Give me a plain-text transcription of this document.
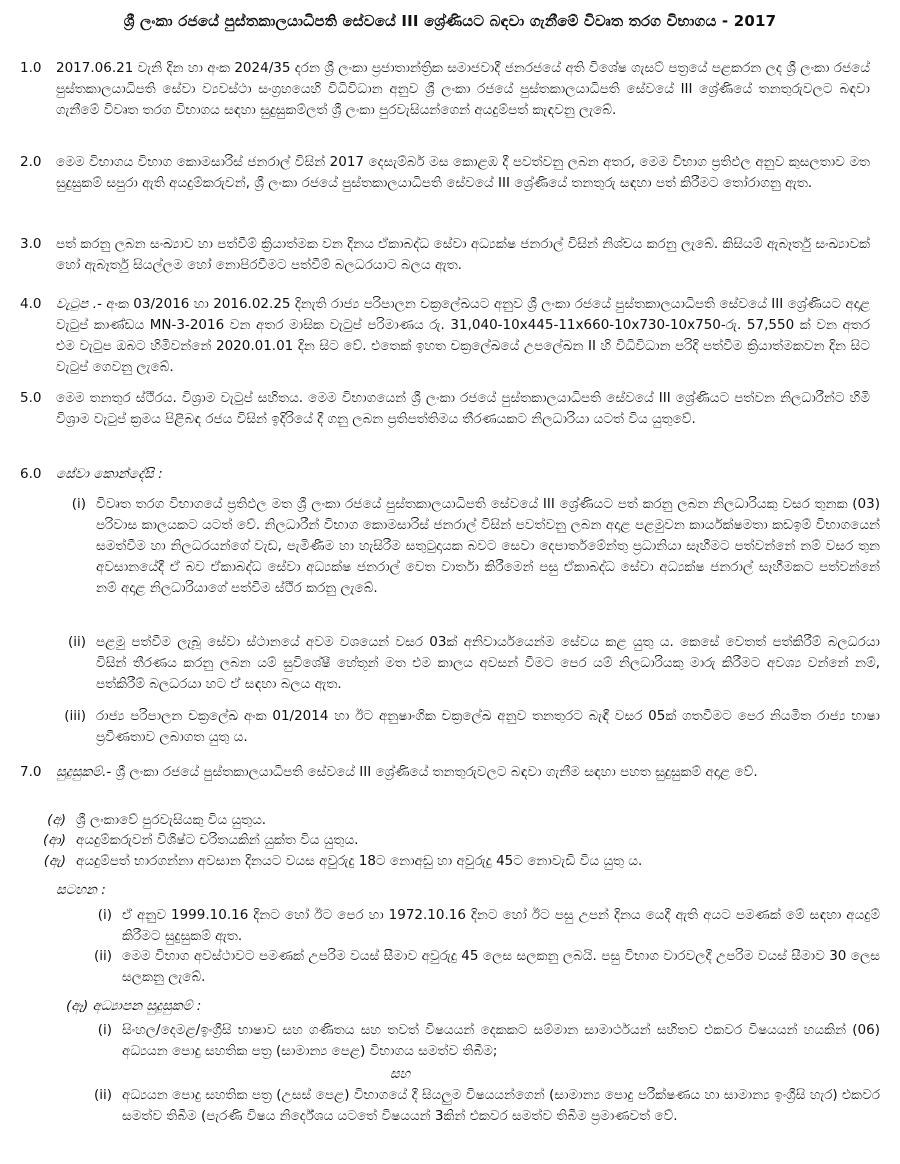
ශ්‍රී ලංකා රජයේ පුස්තකාලයාධිපති සේවයේ III ශ්‍රේණියට බඳවා ගැනීමේ විවෘත තරග විභාගය - 2017
1.0	2017.06.21 වැනි දින හා අංක 2024/35 දරන ශ්‍රී ලංකා ප්‍රජාතාන්ත්‍රික සමාජවාදී ජනරජයේ අති විශේෂ ගැසට් පත්‍රයේ පළකරන ලද ශ්‍රී ලංකා රජයේ පුස්තකාලයාධිපති සේවා ව්‍යවස්ථා සංග්‍රහයෙහි විධිවිධාන අනුව ශ්‍රී ලංකා රජයේ පුස්තකාලයාධිපති සේවයේ III ශ්‍රේණියේ තනතුරුවලට බඳවා ගැනීමේ විවෘත තරග විභාගය සඳහා සුදුසුකම්ලත් ශ්‍රී ලංකා පුරවැසියන්ගෙන් අයදුම්පත් කැඳවනු ලැබේ.
2.0	මෙම විභාගය විභාග කොමසාරිස් ජනරාල් විසින් 2017 දෙසැම්බර් මස කොළඹ දී පවත්වනු ලබන අතර, මෙම විභාග ප්‍රතිඵල අනුව කුසලතාව මත සුදුසුකම් සපුරා ඇති අයදුම්කරුවන්, ශ්‍රී ලංකා රජයේ පුස්තකාලයාධිපති සේවයේ III ශ්‍රේණියේ තනතුරු සඳහා පත් කිරීමට තෝරාගනු ඇත.
3.0	පත් කරනු ලබන සංඛ්‍යාව හා පත්වීම් ක්‍රියාත්මක වන දිනය ඒකාබද්ධ සේවා අධ්‍යක්ෂ ජනරාල් විසින් නිශ්චය කරනු ලැබේ. කිසියම් ඇබෑර්තු සංඛ්‍යාවක් හෝ ඇබෑර්තු සියල්ලම හෝ නොපිරවීමට පත්වීම් බලධරයාට බලය ඇත.
4.0	වැටුප .- අංක 03/2016 හා 2016.02.25 දිනැති රාජ්‍ය පරිපාලන චක්‍රලේඛයට අනුව ශ්‍රී ලංකා රජයේ පුස්තකාලයාධිපති සේවයේ III ශ්‍රේණියට අදාළ වැටුප් කාණ්ඩය MN-3-2016 වන අතර මාසික වැටුප් පරිමාණය රු. 31,040-10x445-11x660-10x730-10x750-රු. 57,550 ක් වන අතර එම වැටුප ඔබට හිමිවන්නේ 2020.01.01 දින සිට වේ. එතෙක් ඉහත චක්‍රලේඛයේ උපලේඛන II හි විධිවිධාන පරිදි පත්වීම ක්‍රියාත්මකවන දින සිට වැටුප් ගෙවනු ලැබේ.
5.0	මෙම තනතුර ස්ථිරය. විශ්‍රාම වැටුප් සහිතය. මෙම විභාගයෙන් ශ්‍රී ලංකා රජයේ පුස්තකාලයාධිපති සේවයේ III ශ්‍රේණියට පත්වන නිලධාරීන්ට හිමි විශ්‍රාම වැටුප් ක්‍රමය පිළිබඳ රජය විසින් ඉදිරියේ දී ගනු ලබන ප්‍රතිපත්තිමය තීරණයකට නිලධාරියා යටත් විය යුතුවේ.
6.0	සේවා කොන්දේසි :
(i) විවෘත තරග විභාගයේ ප්‍රතිඵල මත ශ්‍රී ලංකා රජයේ පුස්තකාලයාධිපති සේවයේ III ශ්‍රේණියට පත් කරනු ලබන නිලධාරියකු වසර තුනක (03) පරිවාස කාලයකට යටත් වේ. නිලධාරීන් විභාග කොමසාරිස් ජනරාල් විසින් පවත්වනු ලබන අදාළ පළමුවන කාර්යක්ෂමතා කඩඉම් විභාගයෙන් සමත්වීම හා නිලධරයන්ගේ වැඩ, පැමිණීම හා හැසිරීම සතුටුදායක බවට සෙවා දෙපාර්තමේන්තු ප්‍රධානියා සෑහීමට පත්වන්නේ නම් වසර තුන අවසානයේදී ඒ බව ඒකාබද්ධ සේවා අධ්‍යක්ෂ ජනරාල් වෙත වාර්තා කිරීමෙන් පසු ඒකාබද්ධ සේවා අධ්‍යක්ෂ ජනරාල් සෑහීමකට පත්වන්නේ නම් අදාළ නිලධාරියාගේ පත්වීම ස්ථිර කරනු ලැබේ.
(ii) පළමු පත්වීම ලැබූ සේවා ස්ථානයේ අවම වශයෙන් වසර 03ක් අනිවාර්යයෙන්ම සේවය කළ යුතු ය. කෙසේ වෙතත් පත්කිරීම් බලධරයා විසින් තීරණය කරනු ලබන යම් සුවිශේෂී හේතූන් මත එම කාලය අවසන් වීමට පෙර යම් නිලධාරියකු මාරු කිරීමට අවශ්‍ය වන්නේ නම්, පත්කිරීම් බලධරයා හට ඒ සඳහා බලය ඇත.
(iii) රාජ්‍ය පරිපාලන චක්‍රලේඛ අංක 01/2014 හා ඊට අනුෂාංගික චක්‍රලේඛ අනුව තනතුරට බැඳී වසර 05ක් ගතවීමට පෙර නියමිත රාජ්‍ය භාෂා ප්‍රවීණතාව ලබාගත යුතු ය.
7.0	සුදුසුකම්.- ශ්‍රී ලංකා රජයේ පුස්තකාලයාධිපති සේවයේ III ශ්‍රේණියේ තනතුරුවලට බඳවා ගැනීම සඳහා පහත සුදුසුකම් අදාළ වේ.
(අ) ශ්‍රී ලංකාවේ පුරවැසියකු විය යුතුය.
(ආ) අයදුම්කරුවන් විශිෂ්ට චරිතයකින් යුක්ත විය යුතුය.
(ඇ) අයදුම්පත් භාරගන්නා අවසාන දිනයට වයස අවුරුදු 18ට නොඅඩු හා අවුරුදු 45ට නොවැඩි විය යුතු ය.
සටහන :
(i) ඒ අනුව 1999.10.16 දිනට හෝ ඊට පෙර හා 1972.10.16 දිනට හෝ ඊට පසු උපන් දිනය යෙදී ඇති අයට පමණක් මේ සඳහා අයදුම් කිරීමට සුදුසුකම් ඇත.
(ii) මෙම විභාග අවස්ථාවට පමණක් උපරිම වයස් සීමාව අවුරුදු 45 ලෙස සලකනු ලබයි. පසු විභාග වාරවලදී උපරිම වයස් සීමාව 30 ලෙස සලකනු ලැබේ.
(ඈ) අධ්‍යාපන සුදුසුකම් :
(i) සිංහල/දෙමළ/ඉංග්‍රීසි භාෂාව සහ ගණිතය සහ තවත් විෂයයන් දෙකකට සම්මාන සාමාර්ථයන් සහිතව එකවර විෂයයන් හයකින් (06) අධ්‍යයන පොදු සහතික පත්‍ර (සාමාන්‍ය පෙළ) විභාගය සමත්ව තිබීම;
සහ
(ii) අධ්‍යයන පොදු සහතික පත්‍ර (උසස් පෙළ) විභාගයේ දී සියලුම විෂයයන්ගෙන් (සාමාන්‍ය පොදු පරීක්ෂණය හා සාමාන්‍ය ඉංග්‍රීසි හැර) එකවර සමත්ව තිබීම (පැරණි විෂය නිර්දේශය යටතේ විෂයයන් 3කින් එකවර සමත්ව තිබීම ප්‍රමාණවත් වේ.
